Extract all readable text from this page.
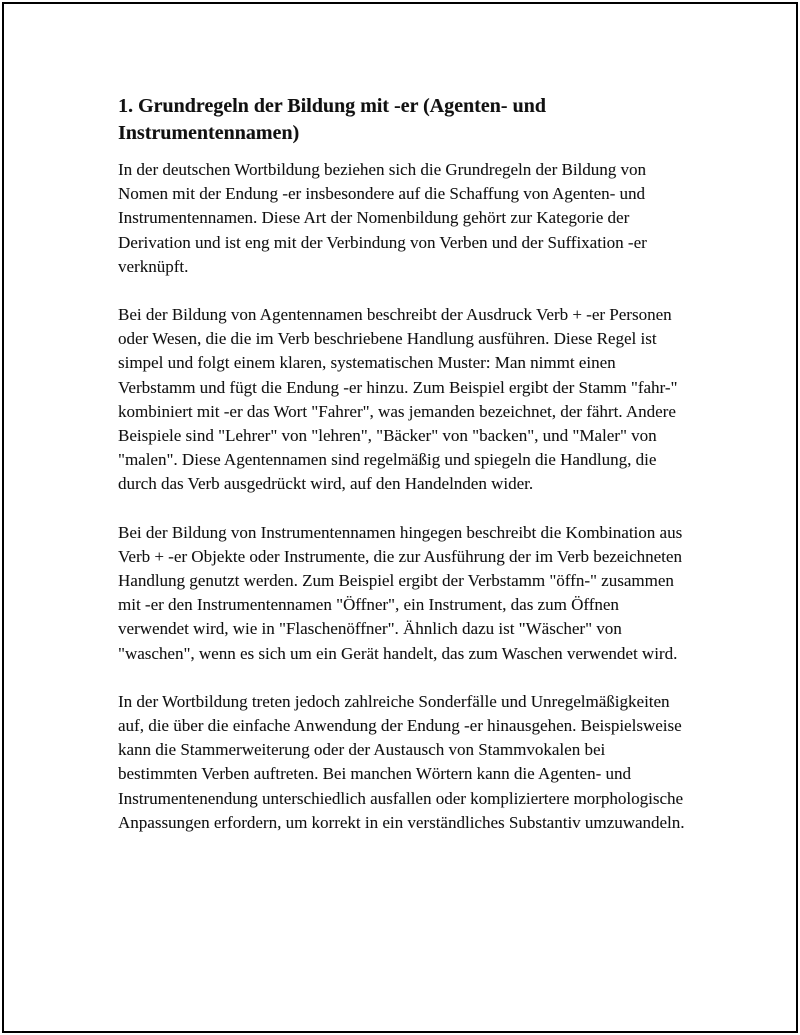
1. Grundregeln der Bildung mit -er (Agenten- und Instrumentennamen)

In der deutschen Wortbildung beziehen sich die Grundregeln der Bildung von Nomen mit der Endung -er insbesondere auf die Schaffung von Agenten- und Instrumentennamen. Diese Art der Nomenbildung gehört zur Kategorie der Derivation und ist eng mit der Verbindung von Verben und der Suffixation -er verknüpft.

Bei der Bildung von Agentennamen beschreibt der Ausdruck Verb + -er Personen oder Wesen, die die im Verb beschriebene Handlung ausführen. Diese Regel ist simpel und folgt einem klaren, systematischen Muster: Man nimmt einen Verbstamm und fügt die Endung -er hinzu. Zum Beispiel ergibt der Stamm "fahr-" kombiniert mit -er das Wort "Fahrer", was jemanden bezeichnet, der fährt. Andere Beispiele sind "Lehrer" von "lehren", "Bäcker" von "backen", und "Maler" von "malen". Diese Agentennamen sind regelmäßig und spiegeln die Handlung, die durch das Verb ausgedrückt wird, auf den Handelnden wider.

Bei der Bildung von Instrumentennamen hingegen beschreibt die Kombination aus Verb + -er Objekte oder Instrumente, die zur Ausführung der im Verb bezeichneten Handlung genutzt werden. Zum Beispiel ergibt der Verbstamm "öffn-" zusammen mit -er den Instrumentennamen "Öffner", ein Instrument, das zum Öffnen verwendet wird, wie in "Flaschenöffner". Ähnlich dazu ist "Wäscher" von "waschen", wenn es sich um ein Gerät handelt, das zum Waschen verwendet wird.

In der Wortbildung treten jedoch zahlreiche Sonderfälle und Unregelmäßigkeiten auf, die über die einfache Anwendung der Endung -er hinausgehen. Beispielsweise kann die Stammerweiterung oder der Austausch von Stammvokalen bei bestimmten Verben auftreten. Bei manchen Wörtern kann die Agenten- und Instrumentenendung unterschiedlich ausfallen oder kompliziertere morphologische Anpassungen erfordern, um korrekt in ein verständliches Substantiv umzuwandeln.
